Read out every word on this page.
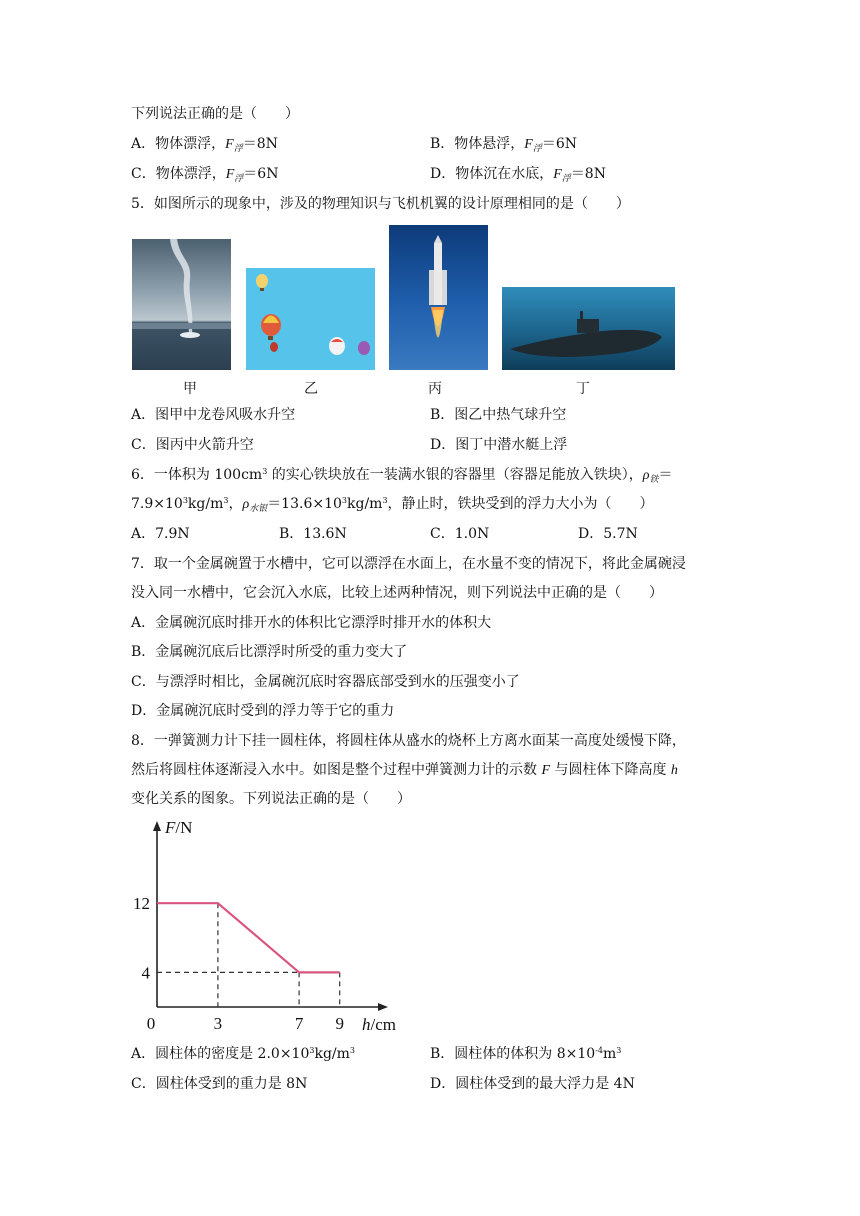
下列说法正确的是（　　）
A．物体漂浮，$F_浮=8N$	B．物体悬浮，$F_浮=6N$
C．物体漂浮，$F_浮=6N$	D．物体沉在水底，$F_浮=8N$
5．如图所示的现象中，涉及的物理知识与飞机机翼的设计原理相同的是（　　）
甲	乙	丙	丁
A．图甲中龙卷风吸水升空	B．图乙中热气球升空
C．图丙中火箭升空	D．图丁中潜水艇上浮
6．一体积为 $100cm^3$ 的实心铁块放在一装满水银的容器里（容器足能放入铁块），$\rho_铁=$
$7.9\times 10^3kg/m^3$，$\rho_{水银}=13.6\times 10^3kg/m^3$，静止时，铁块受到的浮力大小为（　　）
A．7.9N	B．13.6N	C．1.0N	D．5.7N
7．取一个金属碗置于水槽中，它可以漂浮在水面上，在水量不变的情况下，将此金属碗浸
没入同一水槽中，它会沉入水底，比较上述两种情况，则下列说法中正确的是（　　）
A．金属碗沉底时排开水的体积比它漂浮时排开水的体积大
B．金属碗沉底后比漂浮时所受的重力变大了
C．与漂浮时相比，金属碗沉底时容器底部受到水的压强变小了
D．金属碗沉底时受到的浮力等于它的重力
8．一弹簧测力计下挂一圆柱体，将圆柱体从盛水的烧杯上方离水面某一高度处缓慢下降，
然后将圆柱体逐渐浸入水中。如图是整个过程中弹簧测力计的示数 F 与圆柱体下降高度 h
变化关系的图象。下列说法正确的是（　　）
0	3	7 9
12
4
F/N
h/cm
A．圆柱体的密度是 $2.0\times 10^3kg/m^3$	B．圆柱体的体积为 $8\times 10^{-4}m^3$
C．圆柱体受到的重力是 8N	D．圆柱体受到的最大浮力是 4N
